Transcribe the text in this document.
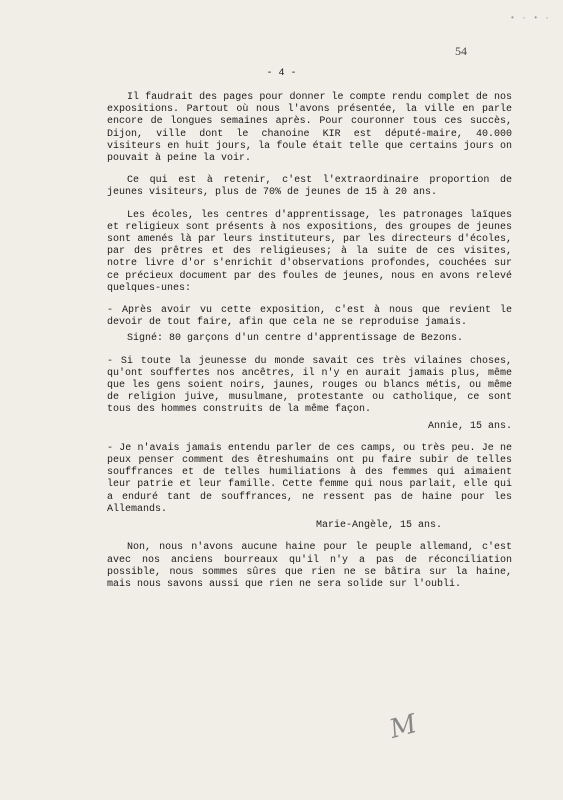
• · • ·
54
- 4 -

Il faudrait des pages pour donner le compte rendu complet de nos expositions. Partout où nous l'avons présentée, la ville en parle encore de longues semaines après. Pour couronner tous ces succès, Dijon, ville dont le chanoine KIR est député-maire, 40.000 visiteurs en huit jours, la foule était telle que certains jours on pouvait à peine la voir.

Ce qui est à retenir, c'est l'extraordinaire proportion de jeunes visiteurs, plus de 70% de jeunes de 15 à 20 ans.

Les écoles, les centres d'apprentissage, les patronages laïques et religieux sont présents à nos expositions, des groupes de jeunes sont amenés là par leurs instituteurs, par les directeurs d'écoles, par des prêtres et des religieuses; à la suite de ces visites, notre livre d'or s'enrichit d'observations profondes, couchées sur ce précieux document par des foules de jeunes, nous en avons relevé quelques-unes:

- Après avoir vu cette exposition, c'est à nous que revient le devoir de tout faire, afin que cela ne se reproduise jamais.

Signé: 80 garçons d'un centre d'apprentissage de Bezons.

- Si toute la jeunesse du monde savait ces très vilaines choses, qu'ont souffertes nos ancêtres, il n'y en aurait jamais plus, même que les gens soient noirs, jaunes, rouges ou blancs métis, ou même de religion juive, musulmane, protestante ou catholique, ce sont tous des hommes construits de la même façon.

Annie, 15 ans.

- Je n'avais jamais entendu parler de ces camps, ou très peu. Je ne peux penser comment des êtreshumains ont pu faire subir de telles souffrances et de telles humiliations à des femmes qui aimaient leur patrie et leur famille. Cette femme qui nous parlait, elle qui a enduré tant de souffrances, ne ressent pas de haine pour les Allemands.

Marie-Angèle, 15 ans.

Non, nous n'avons aucune haine pour le peuple allemand, c'est avec nos anciens bourreaux qu'il n'y a pas de réconciliation possible, nous sommes sûres que rien ne se bâtira sur la haine, mais nous savons aussi que rien ne sera solide sur l'oubli.

M
